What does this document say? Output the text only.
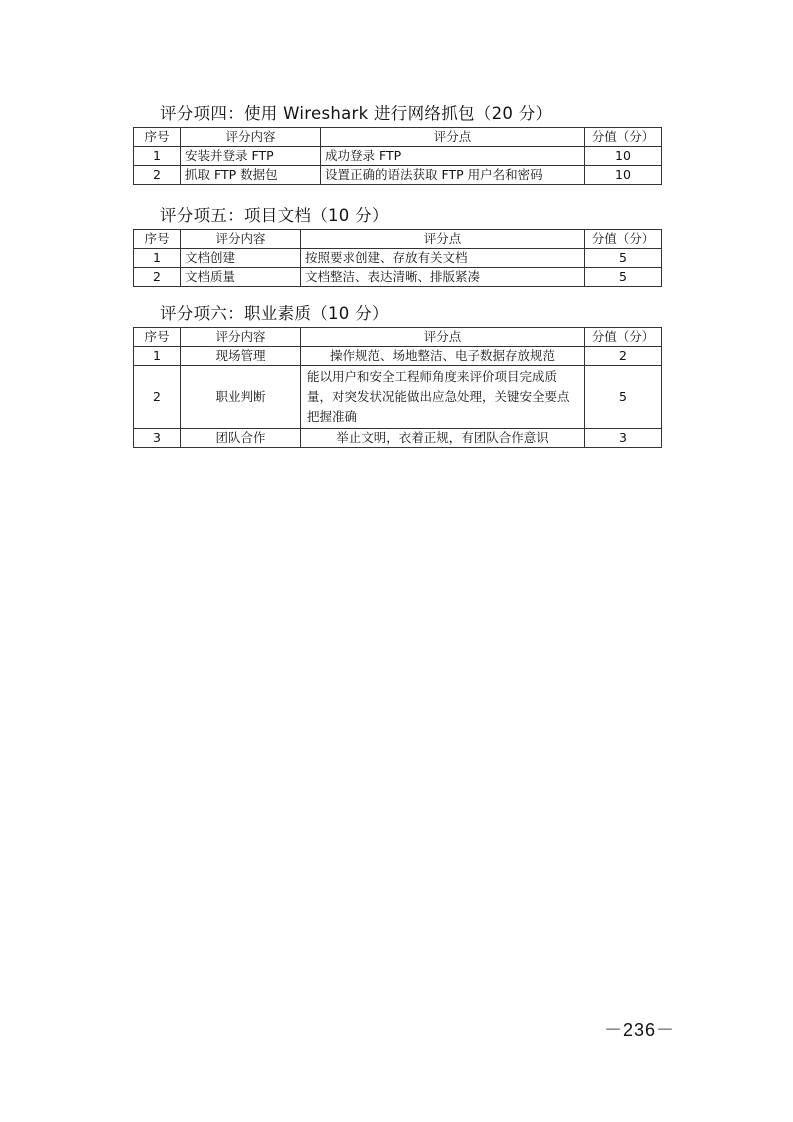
评分项四：使用 Wireshark 进行网络抓包（20 分）
序号	评分内容	评分点	分值（分）
1	安装并登录 FTP	成功登录 FTP	10
2	抓取 FTP 数据包	设置正确的语法获取 FTP 用户名和密码	10
评分项五：项目文档（10 分）
序号	评分内容	评分点	分值（分）
1	文档创建	按照要求创建、存放有关文档	5
2	文档质量	文档整洁、表达清晰、排版紧凑	5
评分项六：职业素质（10 分）
序号	评分内容	评分点	分值（分）
1	现场管理	操作规范、场地整洁、电子数据存放规范	2
2	职业判断	能以用户和安全工程师角度来评价项目完成质量，对突发状况能做出应急处理，关键安全要点把握准确	5
3	团队合作	举止文明，衣着正规，有团队合作意识	3
－236－
